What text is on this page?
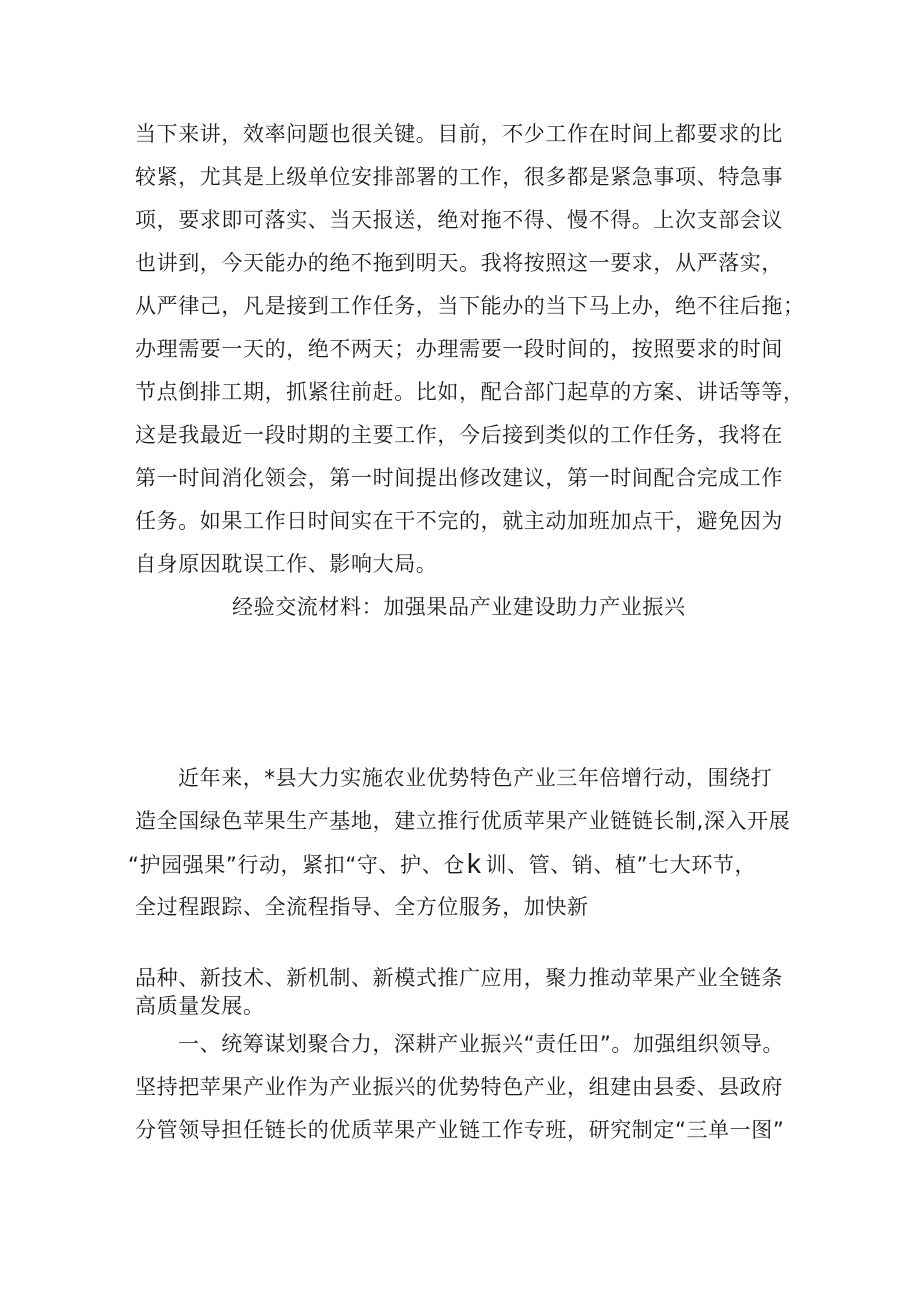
当下来讲，效率问题也很关键。目前，不少工作在时间上都要求的比
较紧，尤其是上级单位安排部署的工作，很多都是紧急事项、特急事
项，要求即可落实、当天报送，绝对拖不得、慢不得。上次支部会议
也讲到，今天能办的绝不拖到明天。我将按照这一要求，从严落实，
从严律己，凡是接到工作任务，当下能办的当下马上办，绝不往后拖；
办理需要一天的，绝不两天；办理需要一段时间的，按照要求的时间
节点倒排工期，抓紧往前赶。比如，配合部门起草的方案、讲话等等，
这是我最近一段时期的主要工作，今后接到类似的工作任务，我将在
第一时间消化领会，第一时间提出修改建议，第一时间配合完成工作
任务。如果工作日时间实在干不完的，就主动加班加点干，避免因为
自身原因耽误工作、影响大局。
经验交流材料：加强果品产业建设助力产业振兴
近年来，*县大力实施农业优势特色产业三年倍增行动，围绕打
造全国绿色苹果生产基地，建立推行优质苹果产业链链长制,深入开展
“护园强果”行动，紧扣“守、护、仓k 训、管、销、植”七大环节，
全过程跟踪、全流程指导、全方位服务，加快新
品种、新技术、新机制、新模式推广应用，聚力推动苹果产业全链条
高质量发展。
一、统筹谋划聚合力，深耕产业振兴“责任田”。加强组织领导。
坚持把苹果产业作为产业振兴的优势特色产业，组建由县委、县政府
分管领导担任链长的优质苹果产业链工作专班，研究制定“三单一图”
